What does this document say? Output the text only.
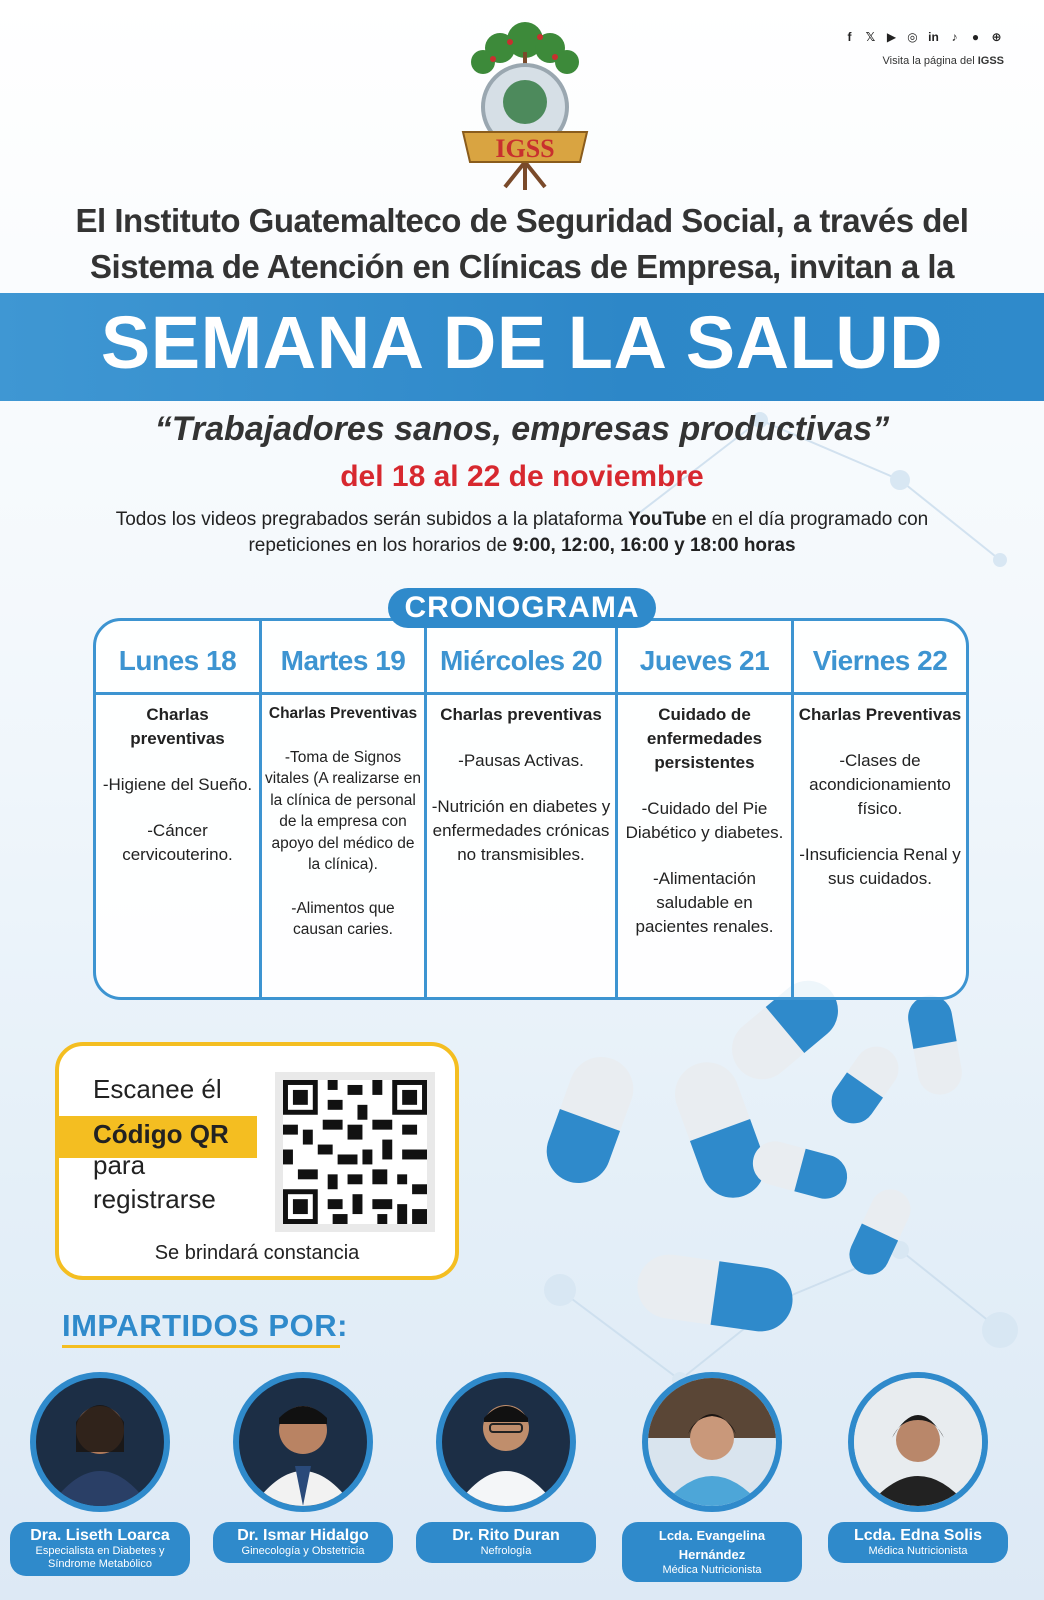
f	𝕏 ▶ ◎ in	♪	●	⊕
Visita la página del IGSS
IGSS
El Instituto Guatemalteco de Seguridad Social, a través del
Sistema de Atención en Clínicas de Empresa, invitan a la
SEMANA DE LA SALUD
“Trabajadores sanos, empresas productivas”
del 18 al 22 de noviembre
Todos los videos pregrabados serán subidos a la plataforma YouTube en el día programado con repeticiones en los horarios de 9:00, 12:00, 16:00 y 18:00 horas
Lunes 18

Charlas preventivas

-Higiene del Sueño.

-Cáncer cervicouterino.

Martes 19

Charlas Preventivas

-Toma de Signos vitales (A realizarse en la clínica de personal de la empresa con apoyo del médico de la clínica).

-Alimentos que causan caries.

Miércoles 20

Charlas preventivas

-Pausas Activas.

-Nutrición en diabetes y enfermedades crónicas no transmisibles.

Jueves 21

Cuidado de enfermedades persistentes

-Cuidado del Pie Diabético y diabetes.

-Alimentación saludable en pacientes renales.

Viernes 22

Charlas Preventivas

-Clases de acondicionamiento físico.

-Insuficiencia Renal y sus cuidados.

CRONOGRAMA
Escanee él
Código QR
para
registrarse
Se brindará constancia
IMPARTIDOS POR:
Dra. Liseth Loarca
Especialista en Diabetes y Síndrome Metabólico
Dr. Ismar Hidalgo
Ginecología y Obstetricia
Dr. Rito Duran
Nefrología
Lcda. Evangelina Hernández
Médica Nutricionista
Lcda. Edna Solis
Médica Nutricionista
